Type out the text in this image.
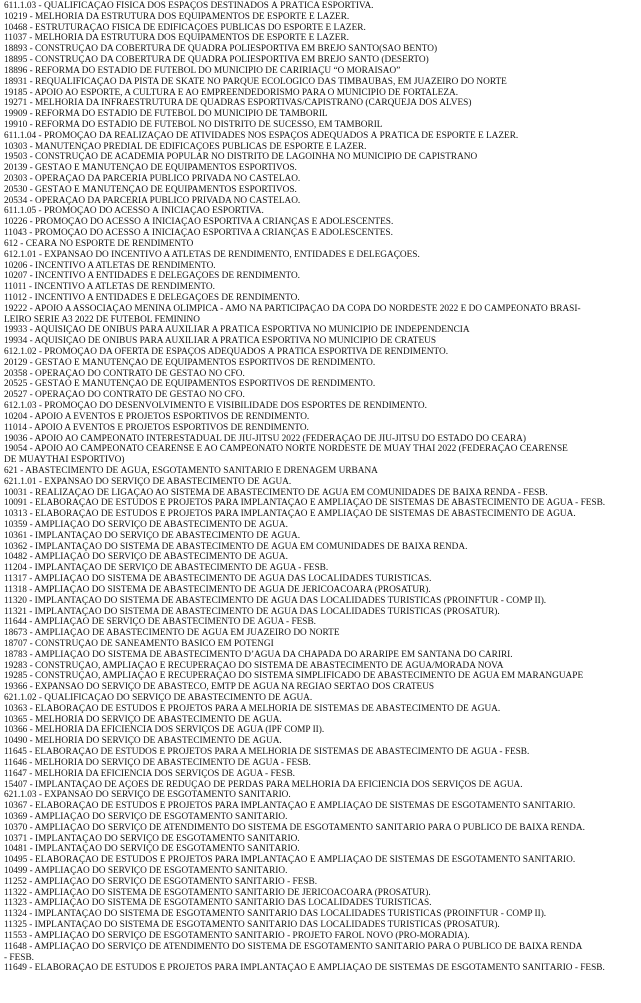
611.1.03 - QUALIFICAÇÃO FÍSICA DOS ESPAÇOS DESTINADOS À PRÁTICA ESPORTIVA.
10219 - MELHORIA DA ESTRUTURA DOS EQUIPAMENTOS DE ESPORTE E LAZER.
10468 - ESTRUTURAÇÃO FÍSICA DE EDIFICAÇÕES PÚBLICAS DO ESPORTE E LAZER.
11037 - MELHORIA DA ESTRUTURA DOS EQUIPAMENTOS DE ESPORTE E LAZER.
18893 - CONSTRUÇÃO DA COBERTURA DE QUADRA POLIESPORTIVA EM BREJO SANTO(SÃO BENTO)
18895 - CONSTRUÇÃO DA COBERTURA DE QUADRA POLIESPORTIVA EM BREJO SANTO (DESERTO)
18896 - REFORMA DO ESTÁDIO DE FUTEBOL DO MUNICÍPIO DE CARIRIAÇU “O MORAISÃO”
18931 - REQUALIFICAÇÃO DA PISTA DE SKATE NO PARQUE ECOLÓGICO DAS TIMBAÚBAS, EM JUAZEIRO DO NORTE
19185 - APOIO AO ESPORTE, A CULTURA E AO EMPREENDEDORISMO PARA O MUNICÍPIO DE FORTALEZA.
19271 - MELHORIA DA INFRAESTRUTURA DE QUADRAS ESPORTIVAS/CAPISTRANO (CARQUEJA DOS ALVES)
19909 - REFORMA DO ESTÁDIO DE FUTEBOL DO MUNICÍPIO DE TAMBORIL
19910 - REFORMA DO ESTÁDIO DE FUTEBOL NO DISTRITO DE SUCESSO, EM TAMBORIL
611.1.04 - PROMOÇÃO DA REALIZAÇÃO DE ATIVIDADES NOS ESPAÇOS ADEQUADOS À PRÁTICA DE ESPORTE E LAZER.
10303 - MANUTENÇÃO PREDIAL DE EDIFICAÇÕES PÚBLICAS DE ESPORTE E LAZER.
19503 - CONSTRUÇÃO DE ACADEMIA POPULAR NO DISTRITO DE LAGOINHA NO MUNICÍPIO DE CAPISTRANO
20139 - GESTÃO E MANUTENÇÃO DE EQUIPAMENTOS ESPORTIVOS.
20303 - OPERAÇÃO DA PARCERIA PÚBLICO PRIVADA NO CASTELÃO.
20530 - GESTÃO E MANUTENÇÃO DE EQUIPAMENTOS ESPORTIVOS.
20534 - OPERAÇÃO DA PARCERIA PÚBLICO PRIVADA NO CASTELÃO.
611.1.05 - PROMOÇÃO DO ACESSO À INICIAÇÃO ESPORTIVA.
10226 - PROMOÇÃO DO ACESSO À INICIAÇÃO ESPORTIVA A CRIANÇAS E ADOLESCENTES.
11043 - PROMOÇÃO DO ACESSO À INICIAÇÃO ESPORTIVA A CRIANÇAS E ADOLESCENTES.
612 - CEARÁ NO ESPORTE DE RENDIMENTO
612.1.01 - EXPANSÃO DO INCENTIVO A ATLETAS DE RENDIMENTO, ENTIDADES E DELEGAÇÕES.
10206 - INCENTIVO A ATLETAS DE RENDIMENTO.
10207 - INCENTIVO A ENTIDADES E DELEGAÇÕES DE RENDIMENTO.
11011 - INCENTIVO A ATLETAS DE RENDIMENTO.
11012 - INCENTIVO A ENTIDADES E DELEGAÇÕES DE RENDIMENTO.
19222 - APOIO A ASSOCIAÇÃO MENINA OLÍMPICA - AMO NA PARTICIPAÇÃO DA COPA DO NORDESTE 2022 E DO CAMPEONATO BRASI-
LEIRO SÉRIE A3 2022 DE FUTEBOL FEMININO
19933 - AQUISIÇÃO DE ÔNIBUS PARA AUXILIAR A PRÁTICA ESPORTIVA NO MUNICÍPIO DE INDEPENDÊNCIA
19934 - AQUISIÇÃO DE ÔNIBUS PARA AUXILIAR A PRÁTICA ESPORTIVA NO MUNICÍPIO DE CRATEÚS
612.1.02 - PROMOÇÃO DA OFERTA DE ESPAÇOS ADEQUADOS À PRÁTICA ESPORTIVA DE RENDIMENTO.
20129 - GESTÃO E MANUTENÇÃO DE EQUIPAMENTOS ESPORTIVOS DE RENDIMENTO.
20358 - OPERAÇÃO DO CONTRATO DE GESTÃO NO CFO.
20525 - GESTÃO E MANUTENÇÃO DE EQUIPAMENTOS ESPORTIVOS DE RENDIMENTO.
20527 - OPERAÇÃO DO CONTRATO DE GESTÃO NO CFO.
612.1.03 - PROMOÇÃO DO DESENVOLVIMENTO E VISIBILIDADE DOS ESPORTES DE RENDIMENTO.
10204 - APOIO A EVENTOS E PROJETOS ESPORTIVOS DE RENDIMENTO.
11014 - APOIO A EVENTOS E PROJETOS ESPORTIVOS DE RENDIMENTO.
19036 - APOIO AO CAMPEONATO INTERESTADUAL DE JIU-JITSU 2022 (FEDERAÇÃO DE JIU-JITSU DO ESTADO DO CEARÁ)
19054 - APOIO AO CAMPEONATO CEARENSE E AO CAMPEONATO NORTE NORDESTE DE MUAY THAI 2022 (FEDERAÇÃO CEARENSE
DE MUAYTHAI ESPORTIVO)
621 - ABASTECIMENTO DE ÁGUA, ESGOTAMENTO SANITÁRIO E DRENAGEM URBANA
621.1.01 - EXPANSÃO DO SERVIÇO DE ABASTECIMENTO DE ÁGUA.
10031 - REALIZAÇÃO DE LIGAÇÃO AO SISTEMA DE ABASTECIMENTO DE ÁGUA EM COMUNIDADES DE BAIXA RENDA - FESB.
10091 - ELABORAÇÃO DE ESTUDOS E PROJETOS PARA IMPLANTAÇÃO E AMPLIAÇÃO DE SISTEMAS DE ABASTECIMENTO DE ÁGUA - FESB.
10313 - ELABORAÇÃO DE ESTUDOS E PROJETOS PARA IMPLANTAÇÃO E AMPLIAÇÃO DE SISTEMAS DE ABASTECIMENTO DE ÁGUA.
10359 - AMPLIAÇÃO DO SERVIÇO DE ABASTECIMENTO DE ÁGUA.
10361 - IMPLANTAÇÃO DO SERVIÇO DE ABASTECIMENTO DE ÁGUA.
10362 - IMPLANTAÇÃO DO SISTEMA DE ABASTECIMENTO DE ÁGUA EM COMUNIDADES DE BAIXA RENDA.
10482 - AMPLIAÇÃO DO SERVIÇO DE ABASTECIMENTO DE ÁGUA.
11204 - IMPLANTAÇÃO DE SERVIÇO DE ABASTECIMENTO DE ÁGUA - FESB.
11317 - AMPLIAÇÃO DO SISTEMA DE ABASTECIMENTO DE ÁGUA DAS LOCALIDADES TURÍSTICAS.
11318 - AMPLIAÇÃO DO SISTEMA DE ABASTECIMENTO DE ÁGUA DE JERICOACOARA (PROSATUR).
11320 - IMPLANTAÇÃO DO SISTEMA DE ABASTECIMENTO DE ÁGUA DAS LOCALIDADES TURÍSTICAS (PROINFTUR - COMP II).
11321 - IMPLANTAÇÃO DO SISTEMA DE ABASTECIMENTO DE ÁGUA DAS LOCALIDADES TURÍSTICAS (PROSATUR).
11644 - AMPLIAÇÃO DE SERVIÇO DE ABASTECIMENTO DE ÁGUA - FESB.
18673 - AMPLIAÇÃO DE ABASTECIMENTO DE ÁGUA EM JUAZEIRO DO NORTE
18707 - CONSTRUÇÃO DE SANEAMENTO BÁSICO EM POTENGI
18783 - AMPLIAÇÃO DO SISTEMA DE ABASTECIMENTO D’ÁGUA DA CHAPADA DO ARARIPE EM SANTANA DO CARIRI.
19283 - CONSTRUÇÃO, AMPLIAÇÃO E RECUPERAÇÃO DO SISTEMA DE ABASTECIMENTO DE ÁGUA/MORADA NOVA
19285 - CONSTRUÇÃO, AMPLIAÇÃO E RECUPERAÇÃO DO SISTEMA SIMPLIFICADO DE ABASTECIMENTO DE ÁGUA EM MARANGUAPE
19366 - EXPANSÃO DO SERVIÇO DE ABASTECO, EMTP DE ÁGUA NA REGIÃO SERTÃO DOS CRATEÚS
621.1.02 - QUALIFICAÇÃO DO SERVIÇO DE ABASTECIMENTO DE ÁGUA.
10363 - ELABORAÇÃO DE ESTUDOS E PROJETOS PARA A MELHORIA DE SISTEMAS DE ABASTECIMENTO DE ÁGUA.
10365 - MELHORIA DO SERVIÇO DE ABASTECIMENTO DE ÁGUA.
10366 - MELHORIA DA EFICIÊNCIA DOS SERVIÇOS DE ÁGUA (IPF COMP II).
10490 - MELHORIA DO SERVIÇO DE ABASTECIMENTO DE ÁGUA.
11645 - ELABORAÇÃO DE ESTUDOS E PROJETOS PARA A MELHORIA DE SISTEMAS DE ABASTECIMENTO DE ÁGUA - FESB.
11646 - MELHORIA DO SERVIÇO DE ABASTECIMENTO DE ÁGUA - FESB.
11647 - MELHORIA DA EFICIÊNCIA DOS SERVIÇOS DE ÁGUA - FESB.
15407 - IMPLANTAÇÃO DE AÇÕES DE REDUÇÃO DE PERDAS PARA MELHORIA DA EFICIÊNCIA DOS SERVIÇOS DE ÁGUA.
621.1.03 - EXPANSÃO DO SERVIÇO DE ESGOTAMENTO SANITÁRIO.
10367 - ELABORAÇÃO DE ESTUDOS E PROJETOS PARA IMPLANTAÇÃO E AMPLIAÇÃO DE SISTEMAS DE ESGOTAMENTO SANITÁRIO.
10369 - AMPLIAÇÃO DO SERVIÇO DE ESGOTAMENTO SANITÁRIO.
10370 - AMPLIAÇÃO DO SERVIÇO DE ATENDIMENTO DO SISTEMA DE ESGOTAMENTO SANITÁRIO PARA O PÚBLICO DE BAIXA RENDA.
10371 - IMPLANTAÇÃO DO SERVIÇO DE ESGOTAMENTO SANITÁRIO.
10481 - IMPLANTAÇÃO DO SERVIÇO DE ESGOTAMENTO SANITÁRIO.
10495 - ELABORAÇÃO DE ESTUDOS E PROJETOS PARA IMPLANTAÇÃO E AMPLIAÇÃO DE SISTEMAS DE ESGOTAMENTO SANITÁRIO.
10499 - AMPLIAÇÃO DO SERVIÇO DE ESGOTAMENTO SANITÁRIO.
11252 - AMPLIAÇÃO DO SERVIÇO DE ESGOTAMENTO SANITÁRIO - FESB.
11322 - AMPLIAÇÃO DO SISTEMA DE ESGOTAMENTO SANITÁRIO DE JERICOACOARA (PROSATUR).
11323 - AMPLIAÇÃO DO SISTEMA DE ESGOTAMENTO SANITÁRIO DAS LOCALIDADES TURÍSTICAS.
11324 - IMPLANTAÇÃO DO SISTEMA DE ESGOTAMENTO SANITÁRIO DAS LOCALIDADES TURÍSTICAS (PROINFTUR - COMP II).
11325 - IMPLANTAÇÃO DO SISTEMA DE ESGOTAMENTO SANITÁRIO DAS LOCALIDADES TURÍSTICAS (PROSATUR).
11553 - AMPLIAÇÃO DO SERVIÇO DE ESGOTAMENTO SANITÁRIO - PROJETO FAROL NOVO (PRO-MORADIA).
11648 - AMPLIAÇÃO DO SERVIÇO DE ATENDIMENTO DO SISTEMA DE ESGOTAMENTO SANITÁRIO PARA O PÚBLICO DE BAIXA RENDA
- FESB.
11649 - ELABORAÇÃO DE ESTUDOS E PROJETOS PARA IMPLANTAÇÃO E AMPLIAÇÃO DE SISTEMAS DE ESGOTAMENTO SANITÁRIO - FESB.
